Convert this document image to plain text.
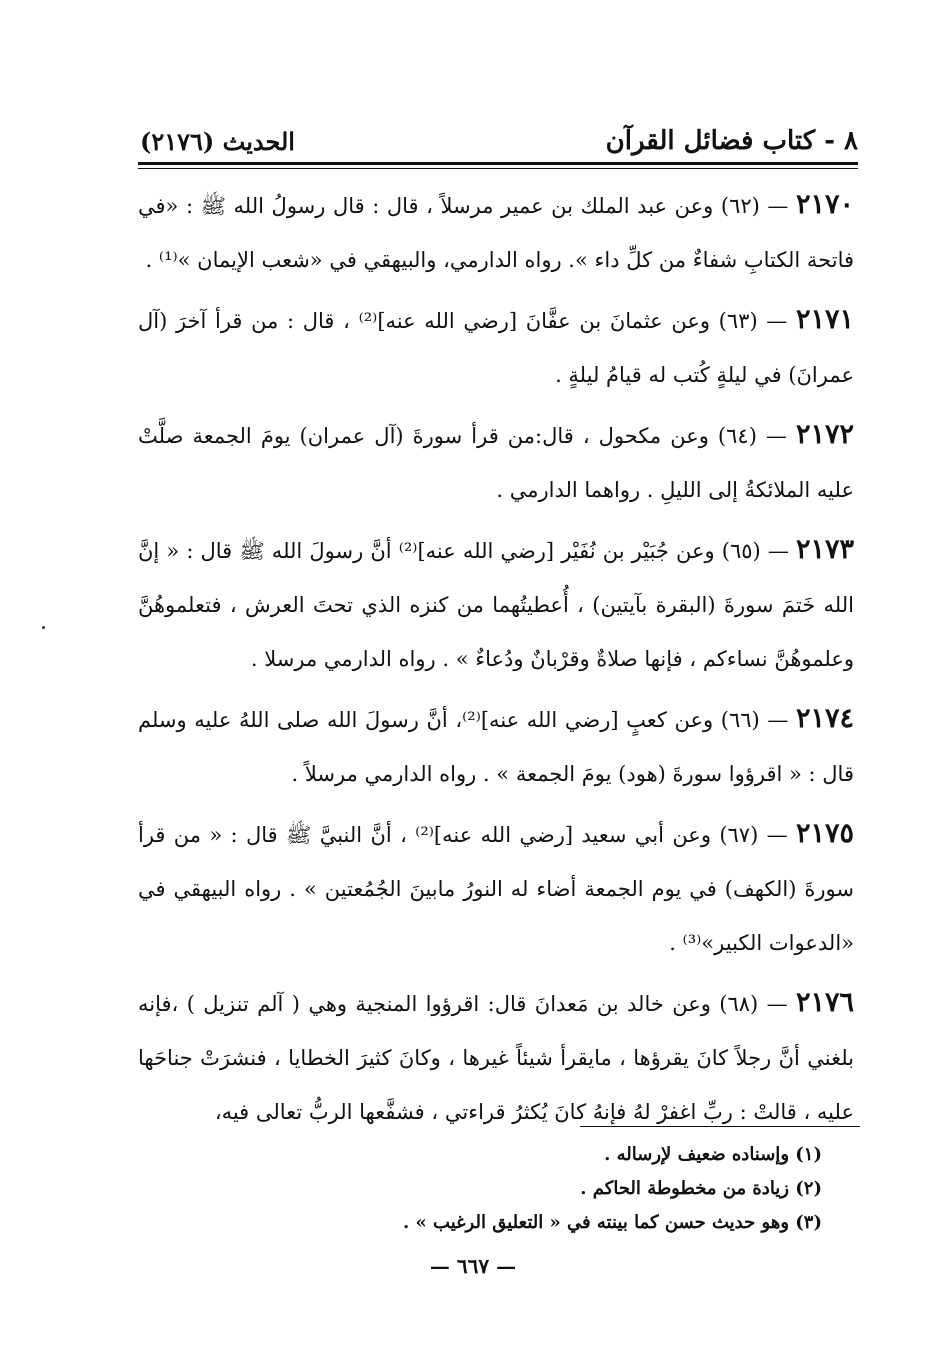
٨ - كتاب فضائل القرآن
الحديث (٢١٧٦)

٢١٧٠ — (٦٢) وعن عبد الملك بن عمير مرسلاً ، قال : قال رسولُ الله ﷺ : «في فاتحة الكتابِ شفاءٌ من كلِّ داء ». رواه الدارمي، والبيهقي في «شعب الإيمان »⁽¹⁾ .

٢١٧١ — (٦٣) وعن عثمانَ بن عفَّانَ [رضي الله عنه]⁽²⁾ ، قال : من قرأ آخرَ (آل عمرانَ) في ليلةٍ كُتب له قيامُ ليلةٍ .

٢١٧٢ — (٦٤) وعن مكحول ، قال:من قرأ سورةَ (آل عمران) يومَ الجمعة صلَّتْ عليه الملائكةُ إلى الليلِ . رواهما الدارمي .

٢١٧٣ — (٦٥) وعن جُبَيْر بن نُفَيْر [رضي الله عنه]⁽²⁾ أنَّ رسولَ الله ﷺ قال : « إنَّ الله خَتمَ سورةَ (البقرة بآيتين) ، أُعطيتُهما من كنزه الذي تحتَ العرش ، فتعلموهُنَّ وعلموهُنَّ نساءكم ، فإنها صلاةٌ وقرْبانٌ ودُعاءٌ » . رواه الدارمي مرسلا .

٢١٧٤ — (٦٦) وعن كعبٍ [رضي الله عنه]⁽²⁾، أنَّ رسولَ الله صلى اللهُ عليه وسلم قال : « اقرؤوا سورةَ (هود) يومَ الجمعة » . رواه الدارمي مرسلاً .

٢١٧٥ — (٦٧) وعن أبي سعيد [رضي الله عنه]⁽²⁾ ، أنَّ النبيَّ ﷺ قال : « من قرأ سورةَ (الكهف) في يوم الجمعة أضاء له النورُ مابينَ الجُمُعتين » . رواه البيهقي في «الدعوات الكبير»⁽³⁾ .

٢١٧٦ — (٦٨) وعن خالد بن مَعدانَ قال: اقرؤوا المنجية وهي ( آلم تنزيل ) ،فإنه بلغني أنَّ رجلاً كانَ يقرؤها ، مايقرأ شيئاً غيرها ، وكانَ كثيرَ الخطايا ، فنشرَتْ جناحَها عليه ، قالتْ : ربِّ اغفرْ لهُ فإنهُ كانَ يُكثرُ قراءتي ، فشفَّعها الربُّ تعالى فيه،

(١) وإسناده ضعيف لإرساله .
(٢) زيادة من مخطوطة الحاكم .
(٣) وهو حديث حسن كما بينته في « التعليق الرغيب » .
— ٦٦٧ —
